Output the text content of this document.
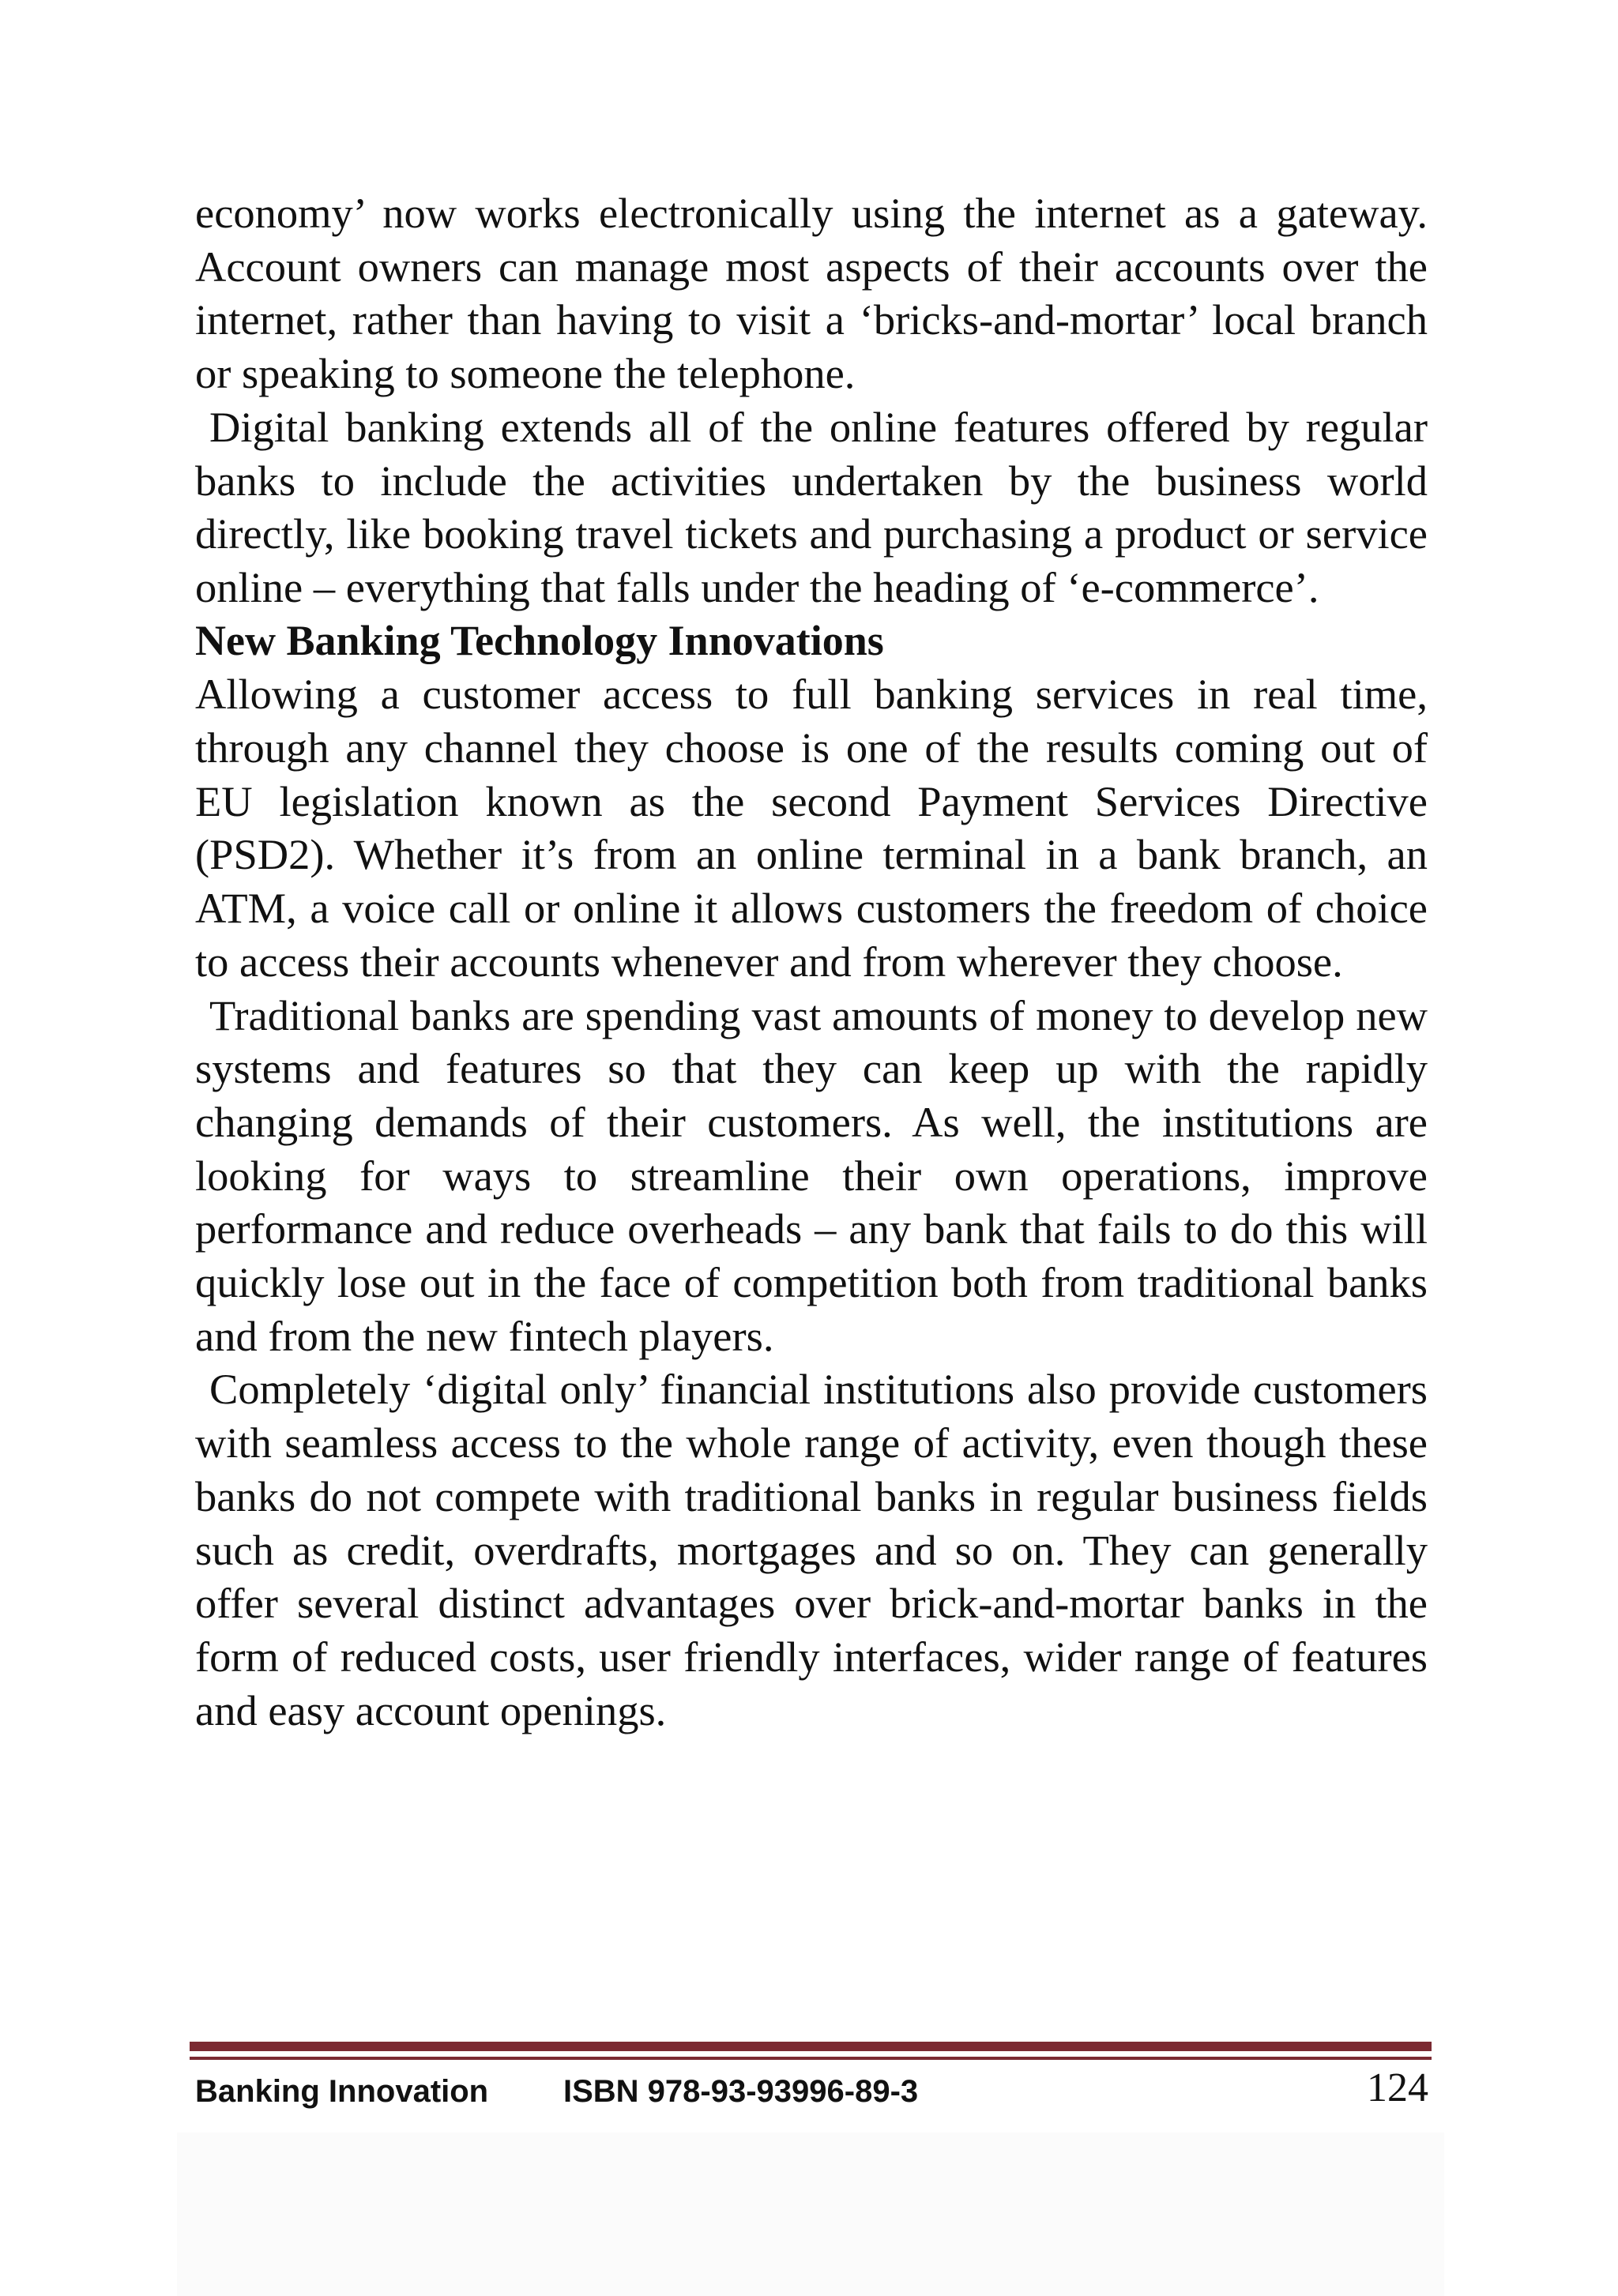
economy’ now works electronically using the internet as a gateway. Account owners can manage most aspects of their accounts over the internet, rather than having to visit a ‘bricks-and-mortar’ local branch or speaking to someone the telephone.

Digital banking extends all of the online features offered by regular banks to include the activities undertaken by the business world directly, like booking travel tickets and purchasing a product or service online – everything that falls under the heading of ‘e-commerce’.

New Banking Technology Innovations

Allowing a customer access to full banking services in real time, through any channel they choose is one of the results coming out of EU legislation known as the second Payment Services Directive (PSD2). Whether it’s from an online terminal in a bank branch, an ATM, a voice call or online it allows customers the freedom of choice to access their accounts whenever and from wherever they choose.

Traditional banks are spending vast amounts of money to develop new systems and features so that they can keep up with the rapidly changing demands of their customers. As well, the institutions are looking for ways to streamline their own operations, improve performance and reduce overheads – any bank that fails to do this will quickly lose out in the face of competition both from traditional banks and from the new fintech players.

Completely ‘digital only’ financial institutions also provide customers with seamless access to the whole range of activity, even though these banks do not compete with traditional banks in regular business fields such as credit, overdrafts, mortgages and so on. They can generally offer several distinct advantages over brick-and-mortar banks in the form of reduced costs, user friendly interfaces, wider range of features and easy account openings.

Banking Innovation ISBN 978-93-93996-89-3	124
